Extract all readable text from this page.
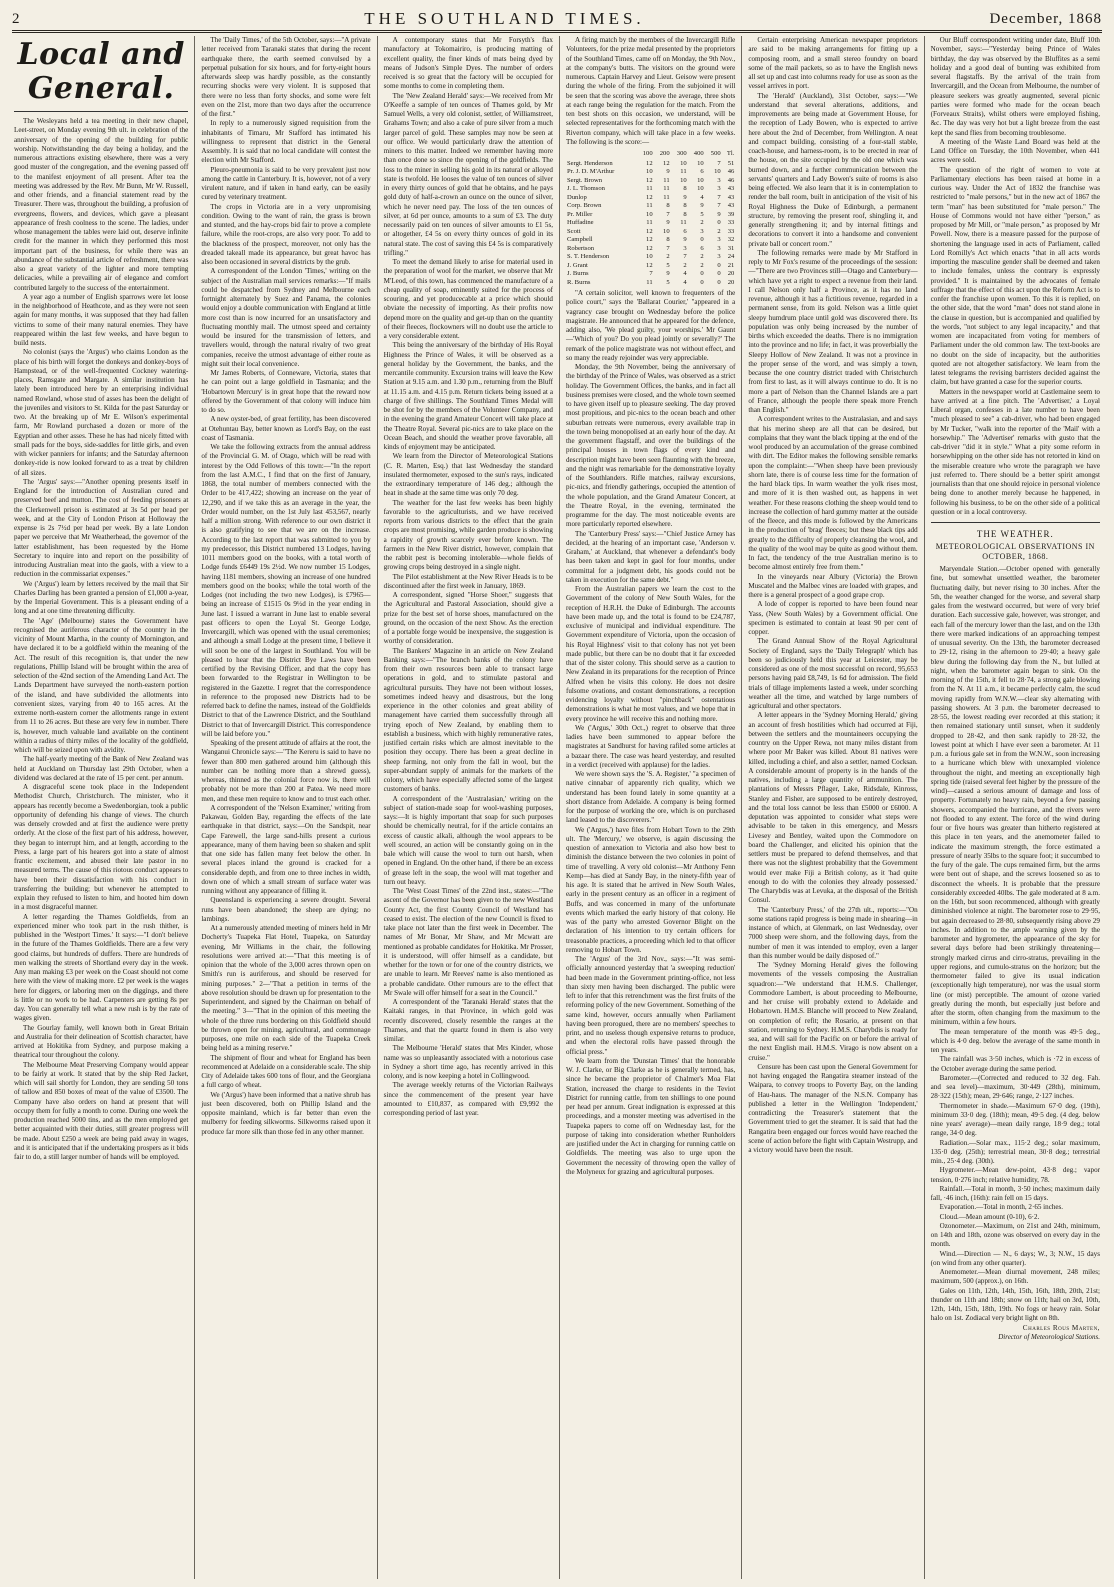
2	THE SOUTHLAND TIMES.	December, 1868
Local and General.

The Wesleyans held a tea meeting in their new chapel, Leet-street, on Monday evening 9th ult. in celebration of the anniversary of the opening of the building for public worship. Notwithstanding the day being a holiday, and the numerous attractions existing elsewhere, there was a very good muster of the congregation, and the evening passed off to the manifest enjoyment of all present. After tea the meeting was addressed by the Rev. Mr Bunn, Mr W. Russell, and other friends, and a financial statement read by the Treasurer. There was, throughout the building, a profusion of evergreens, flowers, and devices, which gave a pleasant appearance of fresh coolness to the scene. The ladies, under whose management the tables were laid out, deserve infinite credit for the manner in which they performed this most important part of the business, for while there was an abundance of the substantial article of refreshment, there was also a great variety of the lighter and more tempting delicacies, while a prevailing air of elegance and comfort contributed largely to the success of the entertainment.

A year ago a number of English sparrows were let loose in the neighborhood of Heathcote, and as they were not seen again for many months, it was supposed that they had fallen victims to some of their many natural enemies. They have reappeared within the last few weeks, and have begun to build nests.

No colonist (says the 'Argus') who claims London as the place of his birth will forget the donkeys and donkey-boys of Hampstead, or of the well-frequented Cockney watering-places, Ramsgate and Margate. A similar institution has lately been introduced here by an enterprising individual named Rowland, whose stud of asses has been the delight of the juveniles and visitors to St. Kilda for the past Saturday or two. At the breaking up of Mr E. Wilson's experimental farm, Mr Rowland purchased a dozen or more of the Egyptian and other asses. These he has had nicely fitted with small pads for the boys, side-saddles for little girls, and even with wicker panniers for infants; and the Saturday afternoon donkey-ride is now looked forward to as a treat by children of all sizes.

The 'Argus' says:—"Another opening presents itself in England for the introduction of Australian cured and preserved beef and mutton. The cost of feeding prisoners at the Clerkenwell prison is estimated at 3s 5d per head per week, and at the City of London Prison at Holloway the expense is 2s 7½d per head per week. By a late London paper we perceive that Mr Weatherhead, the governor of the latter establishment, has been requested by the Home Secretary to inquire into and report on the possibility of introducing Australian meat into the gaols, with a view to a reduction in the commissariat expenses."

We ('Argus') learn by letters received by the mail that Sir Charles Darling has been granted a pension of £1,000 a-year, by the Imperial Government. This is a pleasant ending of a long and at one time threatening difficulty.

The 'Age' (Melbourne) states the Government have recognised the auriferous character of the country in the vicinity of Mount Martha, in the county of Mornington, and have declared it to be a goldfield within the meaning of the Act. The result of this recognition is, that under the new regulations, Phillip Island will be brought within the area of selection of the 42nd section of the Amending Land Act. The Lands Department have surveyed the north-eastern portion of the island, and have subdivided the allotments into convenient sizes, varying from 40 to 165 acres. At the extreme north-eastern corner the allotments range in extent from 11 to 26 acres. But these are very few in number. There is, however, much valuable land available on the continent within a radius of thirty miles of the locality of the goldfield, which will be seized upon with avidity.

The half-yearly meeting of the Bank of New Zealand was held at Auckland on Thursday last 29th October, when a dividend was declared at the rate of 15 per cent. per annum.

A disgraceful scene took place in the Independent Methodist Church, Christchurch. The minister, who it appears has recently become a Swedenborgian, took a public opportunity of defending his change of views. The church was densely crowded and at first the audience were pretty orderly. At the close of the first part of his address, however, they began to interrupt him, and at length, according to the Press, a large part of his hearers got into a state of almost frantic excitement, and abused their late pastor in no measured terms. The cause of this riotous conduct appears to have been their dissatisfaction with his conduct in transferring the building; but whenever he attempted to explain they refused to listen to him, and hooted him down in a most disgraceful manner.

A letter regarding the Thames Goldfields, from an experienced miner who took part in the rush thither, is published in the 'Westport Times.' It says:—"I don't believe in the future of the Thames Goldfields. There are a few very good claims, but hundreds of duffers. There are hundreds of men walking the streets of Shortland every day in the week. Any man making £3 per week on the Coast should not come here with the view of making more. £2 per week is the wages here for diggers, or laboring men on the diggings, and there is little or no work to be had. Carpenters are getting 8s per day. You can generally tell what a new rush is by the rate of wages given.

The Gourlay family, well known both in Great Britain and Australia for their delineation of Scottish character, have arrived at Hokitika from Sydney, and purpose making a theatrical tour throughout the colony.

The Melbourne Meat Preserving Company would appear to be fairly at work. It stated that by the ship Red Jacket, which will sail shortly for London, they are sending 50 tons of tallow and 850 boxes of meat of the value of £3500. The Company have also orders on hand at present that will occupy them for fully a month to come. During one week the production reached 5000 tins, and as the men employed get better acquainted with their duties, still greater progress will be made. About £250 a week are being paid away in wages, and it is anticipated that if the undertaking prospers as it bids fair to do, a still larger number of hands will be employed.

The 'Daily Times,' of the 5th October, says:—"A private letter received from Taranaki states that during the recent earthquake there, the earth seemed convulsed by a perpetual pulsation for six hours, and for forty-eight hours afterwards sleep was hardly possible, as the constantly recurring shocks were very violent. It is supposed that there were no less than forty shocks, and some were felt even on the 21st, more than two days after the occurrence of the first."

In reply to a numerously signed requisition from the inhabitants of Timaru, Mr Stafford has intimated his willingness to represent that district in the General Assembly. It is said that no local candidate will contest the election with Mr Stafford.

Pleuro-pneumonia is said to be very prevalent just now among the cattle in Canterbury. It is, however, not of a very virulent nature, and if taken in hand early, can be easily cured by veterinary treatment.

The crops in Victoria are in a very unpromising condition. Owing to the want of rain, the grass is brown and stunted, and the hay-crops bid fair to prove a complete failure, while the root-crops, are also very poor. To add to the blackness of the prospect, moreover, not only has the dreaded takeall made its appearance, but great havoc has also been occasioned in several districts by the grub.

A correspondent of the London 'Times,' writing on the subject of the Australian mail services remarks:—"If mails could be despatched from Sydney and Melbourne each fortnight alternately by Suez and Panama, the colonies would enjoy a double communication with England at little more cost than is now incurred for an unsatisfactory and fluctuating monthly mail. The utmost speed and certainty would be insured for the transmission of letters, and travellers would, through the natural rivalry of two great companies, receive the utmost advantage of either route as might suit their local convenience.

Mr James Roberts, of Conneware, Victoria, states that he can point out a large goldfield in Tasmania; and the 'Hobartown Mercury' is in great hope that the reward now offered by the Government of that colony will induce him to do so.

A new oyster-bed, of great fertility, has been discovered at Otehuntau Bay, better known as Lord's Bay, on the east coast of Tasmania.

We take the following extracts from the annual address of the Provincial G. M. of Otago, which will be read with interest by the Odd Fellows of this town:—"In the report from the last A.M.C., I find that on the first of January, 1868, the total number of members connected with the Order to be 417,422; showing an increase on the year of 12,290, and if we take this as an average in the year, the Order would number, on the 1st July last 453,567, nearly half a million strong. With reference to our own district it is also gratifying to see that we are on the increase. According to the last report that was submitted to you by my predecessor, this District numbered 13 Lodges, having 1011 members good on the books, with a total worth of Lodge funds £6449 19s 2½d. We now number 15 Lodges, having 1181 members, showing an increase of one hundred members good on the books; while the total worth of the Lodges (not including the two new Lodges), is £7965—being an increase of £1515 0s 9½d in the year ending in June last. I issued a warrant in June last to enable several past officers to open the Loyal St. George Lodge, Invercargill, which was opened with the usual ceremonies; and although a small Lodge at the present time, I believe it will soon be one of the largest in Southland. You will be pleased to hear that the District Bye Laws have been certified by the Revising Officer, and that the copy has been forwarded to the Registrar in Wellington to be registered in the Gazette. I regret that the correspondence in reference to the proposed new Districts had to be referred back to define the names, instead of the Goldfields District to that of the Lawrence District, and the Southland District to that of Invercargill District. This correspondence will be laid before you."

Speaking of the present attitude of affairs at the root, the Wanganui Chronicle says:—"The Kereru is said to have no fewer than 800 men gathered around him (although this number can be nothing more than a shrewd guess), whereas, thinned as the colonial force now is, there will probably not be more than 200 at Patea. We need more men, and these men require to know and to trust each other.

A correspondent of the 'Nelson Examiner,' writing from Pakawau, Golden Bay, regarding the effects of the late earthquake in that district, says:—On the Sandspit, near Cape Farewell, the large sand-hills present a curious appearance, many of them having been so shaken and split that one side has fallen many feet below the other. In several places inland the ground is cracked for a considerable depth, and from one to three inches in width, down one of which a small stream of surface water was running without any appearance of filling it.

Queensland is experiencing a severe drought. Several runs have been abandoned; the sheep are dying; no lambings.

At a numerously attended meeting of miners held in Mr Docherty's Tuapeka Flat Hotel, Tuapeka, on Saturday evening, Mr Williams in the chair, the following resolutions were arrived at:—"That this meeting is of opinion that the whole of the 3,000 acres thrown open on Smith's run is auriferous, and should be reserved for mining purposes." 2—"That a petition in terms of the above resolution should be drawn up for presentation to the Superintendent, and signed by the Chairman on behalf of the meeting." 3—"That in the opinion of this meeting the whole of the three runs bordering on this Goldfield should be thrown open for mining, agricultural, and commonage purposes, one mile on each side of the Tuapeka Creek being held as a mining reserve."

The shipment of flour and wheat for England has been recommenced at Adelaide on a considerable scale. The ship City of Adelaide takes 600 tons of flour, and the Georgiana a full cargo of wheat.

We ('Argus') have been informed that a native shrub has just been discovered, both on Phillip Island and the opposite mainland, which is far better than even the mulberry for feeding silkworms. Silkworms raised upon it produce far more silk than those fed in any other manner.

A contemporary states that Mr Forsyth's flax manufactory at Tokomairiro, is producing matting of excellent quality, the finer kinds of mats being dyed by means of Judson's Simple Dyes. The number of orders received is so great that the factory will be occupied for some months to come in completing them.

The 'New Zealand Herald' says:—We received from Mr O'Keeffe a sample of ten ounces of Thames gold, by Mr Samuel Wells, a very old colonist, settler, of Williamstreet, Grahams Town; and also a cake of pure silver from a much larger parcel of gold. These samples may now be seen at our office. We would particularly draw the attention of miners to this matter. Indeed we remember having more than once done so since the opening of the goldfields. The loss to the miner in selling his gold in its natural or alloyed state is twofold. He looses the value of ten ounces of silver in every thirty ounces of gold that he obtains, and he pays gold duty of half-a-crown an ounce on the ounce of silver, which he never need pay. The loss of the ten ounces of silver, at 6d per ounce, amounts to a sum of £3. The duty necessarily paid on ten ounces of silver amounts to £1 5s, or altogether, £4 5s on every thirty ounces of gold in its natural state. The cost of saving this £4 5s is comparatively trifling."

To meet the demand likely to arise for material used in the preparation of wool for the market, we observe that Mr M'Leod, of this town, has commenced the manufacture of a cheap quality of soap, eminently suited for the process of scouring, and yet producecable at a price which should obviate the necessity of importing. As their profits now depend more on the quality and get-up than on the quantity of their fleeces, flockowners will no doubt use the article to a very considerable extent.

This being the anniversary of the birthday of His Royal Highness the Prince of Wales, it will be observed as a general holiday by the Government, the banks, and the mercantile community. Excursion trains will leave the Kew Station at 9.15 a.m. and 1.30 p.m., returning from the Bluff at 11.15 a.m. and 4.15 p.m. Return tickets being issued at a charge of five shillings. The Southland Times Medal will be shot for by the members of the Volunteer Company, and in the evening the grand Amateur Concert will take place at the Theatre Royal. Several pic-nics are to take place on the Ocean Beach, and should the weather prove favorable, all kinds of enjoyment may be anticipated.

We learn from the Director of Meteorological Stations (C. R. Marten, Esq.) that last Wednesday the standard insulated thermometer, exposed to the sun's rays, indicated the extraordinary temperature of 146 deg.; although the heat in shade at the same time was only 70 deg.

The weather for the last few weeks has been highly favorable to the agriculturists, and we have received reports from various districts to the effect that the grain crops are most promising, while garden produce is showing a rapidity of growth scarcely ever before known. The farmers in the New River district, however, complain that the rabbit pest is becoming intolerable—whole fields of growing crops being destroyed in a single night.

The Pilot establishment at the New River Heads is to be discontinued after the first week in January, 1869.

A correspondent, signed "Horse Shoer," suggests that the Agricultural and Pastoral Association, should give a prize for the best set of horse shoes, manufactured on the ground, on the occasion of the next Show. As the erection of a portable forge would be inexpensive, the suggestion is worthy of consideration.

The Bankers' Magazine in an article on New Zealand Banking says:—"The branch banks of the colony have from their own resources been able to transact large operations in gold, and to stimulate pastoral and agricultural pursuits. They have not been without losses, sometimes indeed heavy and disastrous, but the long experience in the other colonies and great ability of management have carried them successfully through all trying epoch of New Zealand, by enabling them to establish a business, which with highly remunerative rates, justified certain risks which are almost inevitable to the position they occupy. There has been a great decline in sheep farming, not only from the fall in wool, but the super-abundant supply of animals for the markets of the colony, which have especially affected some of the largest customers of banks.

A correspondent of the 'Australasian,' writing on the subject of station-made soap for wool-washing purposes, says:—It is highly important that soap for such purposes should be chemically neutral, for if the article contains an excess of caustic alkali, although the wool appears to be well scoured, an action will be constantly going on in the bale which will cause the wool to turn out harsh, when opened in England. On the other hand, if there be an excess of grease left in the soap, the wool will mat together and turn out heavy.

The 'West Coast Times' of the 22nd inst., states:—"The ascent of the Governor has been given to the new Westland County Act, the first County Council of Westland has ceased to exist. The election of the new Council is fixed to take place not later than the first week in December. The names of Mr Bonar, Mr Shaw, and Mr Mcwatt are mentioned as probable candidates for Hokitika. Mr Prosser, it is understood, will offer himself as a candidate, but whether for the town or for one of the country districts, we are unable to learn. Mr Reeves' name is also mentioned as a probable candidate. Other rumours are to the effect that Mr Swale will offer himself for a seat in the Council."

A correspondent of the 'Taranaki Herald' states that the Kaitaki ranges, in that Province, in which gold was recently discovered, closely resemble the ranges at the Thames, and that the quartz found in them is also very similar.

The Melbourne 'Herald' states that Mrs Kinder, whose name was so unpleasantly associated with a notorious case in Sydney a short time ago, has recently arrived in this colony, and is now keeping a hotel in Collingwood.

The average weekly returns of the Victorian Railways since the commencement of the present year have amounted to £10,837, as compared with £9,992 the corresponding period of last year.

A firing match by the members of the Invercargill Rifle Volunteers, for the prize medal presented by the proprietors of the Southland Times, came off on Monday, the 9th Nov., at the company's butts. The visitors on the ground were numerous. Captain Harvey and Lieut. Geisow were present during the whole of the firing. From the subjoined it will be seen that the scoring was above the average, three shots at each range being the regulation for the match. From the ten best shots on this occasion, we understand, will be selected representatives for the forthcoming match with the Riverton company, which will take place in a few weeks. The following is the score:—

	100	200	300	400	500	Tl.
Sergt. Henderson	12	12	10	10	7	51
Pr. J. D. M'Arthur	10	9	11	6	10	46
Sergt. Brown	12	11	10	10	3	46
J. L. Thomson	11	11	8	10	3	43
Dunlop	12	11	9	4	7	43
Corp. Brown	11	8	8	9	7	43
Pr. Miller	10	7	8	5	9	39
Huffadine	11	9	11	2	0	33
Scott	12	10	6	3	2	33
Campbell	12	8	9	0	3	32
Robertson	12	7	3	6	3	31
S. T. Henderson	10	2	7	2	3	24
J. Grant	12	5	2	2	0	21
J. Burns	7	9	4	0	0	20
R. Burns	11	5	4	0	0	20

"A certain solicitor, well known to frequenters of the police court," says the 'Ballarat Courier,' "appeared in a vagrancy case brought on Wednesday before the police magistrate. He announced that he appeared for the defence, adding also, 'We plead guilty, your worships.' Mr Gaunt—'Which of you? Do you plead jointly or severally?' The remark of the police magistrate was not without effect, and so many the ready rejoinder was very appreciable.

Monday, the 9th November, being the anniversary of the birthday of the Prince of Wales, was observed as a strict holiday. The Government Offices, the banks, and in fact all business premises were closed, and the whole town seemed to have given itself up to pleasure seeking. The day proved most propitious, and pic-nics to the ocean beach and other suburban retreats were numerous, every available trap in the town being monopolised at an early hour of the day. At the government flagstaff, and over the buildings of the principal houses in town flags of every kind and description might have been seen flaunting with the breeze, and the night was remarkable for the demonstrative loyalty of the Southlanders. Rifle matches, railway excursions, pic-nics, and friendly gatherings, occupied the attention of the whole population, and the Grand Amateur Concert, at the Theatre Royal, in the evening, terminated the programme for the day. The most noticeable events are more particularly reported elsewhere.

The 'Canterbury Press' says:—"Chief Justice Arney has decided, at the hearing of an important case, 'Anderson v. Graham,' at Auckland, that whenever a defendant's body has been taken and kept in gaol for four months, under committal for a judgment debt, his goods could not be taken in execution for the same debt."

From the Australian papers we learn the cost to the Government of the colony of New South Wales, for the reception of H.R.H. the Duke of Edinburgh. The accounts have been made up, and the total is found to be £24,787, exclusive of municipal and individual expenditure. The Government expenditure of Victoria, upon the occasion of his Royal Highness' visit to that colony has not yet been made public, but there can be no doubt that it far exceeded that of the sister colony. This should serve as a caution to New Zealand in its preparations for the reception of Prince Alfred when he visits this colony. He does not desire fulsome ovations, and costant demonstrations, a reception evidencing loyalty without "pinchback" ostentatious demonstrations is what he most values, and we hope that in every province he will receive this and nothing more.

We ('Argus,' 30th Oct.,) regret to observe that three ladies have been summoned to appear before the magistrates at Sandhurst for having rafiled some articles at a bazaar there. The case was heard yesterday, and resulted in a verdict (received with applause) for the ladies.

We were shown says the 'S. A. Register,' "a specimen of native cinnabar of apparently rich quality, which we understand has been found lately in some quantity at a short distance from Adelaide. A company is being formed for the purpose of working the ore, which is on purchased land leased to the discoverers."

We ('Argus,') have files from Hobart Town to the 29th ult. The 'Mercury,' we observe, is again discussing the question of annexation to Victoria and also how best to diminish the distance between the two colonies in point of time of travelling. A very old colonist—Mr Anthony Fenn Kemp—has died at Sandy Bay, in the ninety-fifth year of his age. It is stated that he arrived in New South Wales, early in the present century as an officer in a regiment of Buffs, and was concerned in many of the unfortunate events which marked the early history of that colony. He was of the party who arrested Governor Blight on the declaration of his intention to try certain officers for treasonable practices, a proceeding which led to that officer removing to Hobart Town.

The 'Argus' of the 3rd Nov., says:—"It was semi-officially announced yesterday that 'a sweeping reduction' had been made in the Government printing-office, not less than sixty men having been discharged. The public were left to infer that this retrenchment was the first fruits of the reforming policy of the new Government. Something of the same kind, however, occurs annually when Parliament having been prorogued, there are no members' speeches to print, and no useless though expensive returns to produce, and when the electoral rolls have passed through the official press."

We learn from the 'Dunstan Times' that the honorable W. J. Clarke, or Big Clarke as he is generally termed, has, since he became the proprietor of Chalmer's Moa Flat Station, increased the charge to residents in the Teviot District for running cattle, from ten shillings to one pound per head per annum. Great indignation is expressed at this proceedings, and a monster meeting was advertised in the Tuapeka papers to come off on Wednesday last, for the purpose of taking into consideration whether Runholders are justified under the Act in charging for running cattle on Goldfields. The meeting was also to urge upon the Government the necessity of throwing open the valley of the Molyneux for grazing and agricultural purposes.

Certain enterprising American newspaper proprietors are said to be making arrangements for fitting up a composing room, and a small stereo foundry on board some of the mail packets, so as to have the English news all set up and cast into columns ready for use as soon as the vessel arrives in port.

The 'Herald' (Auckland), 31st October, says:—"We understand that several alterations, additions, and improvements are being made at Government House, for the reception of Lady Bowen, who is expected to arrive here about the 2nd of December, from Wellington. A neat and compact building, consisting of a four-stall stable, coach-house, and harness-room, is to be erected in rear of the house, on the site occupied by the old one which was burned down, and a further communication between the servants' quarters and Lady Bowen's suite of rooms is also being effected. We also learn that it is in contemplation to render the ball room, built in anticipation of the visit of his Royal Highness the Duke of Edinburgh, a permanent structure, by removing the present roof, shingling it, and generally strengthening it; and by internal fittings and decorations to convert it into a handsome and convenient private ball or concert room."

The following remarks were made by Mr Stafford in reply to Mr Fox's resume of the proceedings of the session:—"There are two Provinces still—Otago and Canterbury—which have yet a right to expect a revenue from their land. I call Nelson only half a Province, as it has no land revenue, although it has a fictitious revenue, regarded in a permanent sense, from its gold. Nelson was a little quiet sleepy humdrum place until gold was discovered there. Its population was only being increased by the number of births which exceeded the deaths. There is no immigration into the province and no life; in fact, it was proverbially the Sleepy Hollow of New Zealand. It was not a province in the proper sense of the word, and was simply a town, because the one country district traded with Christchurch from first to last, as it will always continue to do. It is no more a part of Nelson than the Channel Islands are a part of France, although the people there speak more French than English."

A correspondent writes to the Australasian, and and says that his merino sheep are all that can be desired, but complains that they want the black tipping at the end of the wool produced by an accumulation of the grease combined with dirt. The Editor makes the following sensible remarks upon the complaint:—"When sheep have been previously shorn late, there is of course less time for the formation of the hard black tips. In warm weather the yolk rises most, and more of it is then washed out, as happens in wet weather. For these reasons clothing the sheep would tend to increase the collection of hard gummy matter at the outside of the fleece, and this mode is followed by the Americans in the production of 'brag' fleeces; but these black tips add greatly to the difficulty of properly cleansing the wool, and the quality of the wool may be quite as good without them. In fact, the tendency of the true Australian merino is to become almost entirely free from them."

In the vineyards near Albury (Victoria) the Brown Muscatel and the Malbec vines are loaded with grapes, and there is a general prospect of a good grape crop.

A lode of copper is reported to have been found near Yass, (New South Wales) by a Government official. One specimen is estimated to contain at least 90 per cent of copper.

The Grand Annual Show of the Royal Agricultural Society of England, says the 'Daily Telegraph' which has been so judiciously held this year at Leicester, may be considered as one of the most successful on record, 95,653 persons having paid £8,749, 1s 6d for admission. The field trials of tillage implements lasted a week, under scorching weather all the time, and watched by large numbers of agricultural and other spectators.

A letter appears in the 'Sydney Morning Herald,' giving an account of fresh hostilities which had occurred at Fiji, between the settlers and the mountaineers occupying the country on the Upper Rewa, not many miles distant from where poor Mr Baker was killed. About 81 natives were killed, including a chief, and also a settler, named Cocksan. A considerable amount of property is in the hands of the natives, including a large quantity of ammunition. The plantations of Messrs Pflager, Lake, Ridsdale, Kinross, Stanley and Fisher, are supposed to be entirely destroyed, and the total loss cannot be less than £5000 or £6000. A deputation was appointed to consider what steps were advisable to be taken in this emergency, and Messrs Livesey and Bentley, waited upon the Commodore on board the Challenger, and elicited his opinion that the settlers must be prepared to defend themselves, and that there was not the slightest probability that the Government would ever make Fiji a British colony, as it 'had quite enough to do with the colonies they already possessed.' The Charybdis was at Levuka, at the disposal of the British Consul.

The 'Canterbury Press,' of the 27th ult., reports:—"On some stations rapid progress is being made in shearing—in instance of which, at Glenmark, on last Wednesday, over 7000 sheep were shorn, and the following days, from the number of men it was intended to employ, even a larger than this number would be daily disposed of."

The 'Sydney Morning Herald' gives the following movements of the vessels composing the Australian squadron:—"We understand that H.M.S. Challenger, Commodore Lambert, is about proceeding to Melbourne, and her cruise will probably extend to Adelaide and Hobartown. H.M.S. Blanche will proceed to New Zealand, on completion of refit; the Rosario, at present on that station, returning to Sydney. H.M.S. Charybdis is ready for sea, and will sail for the Pacific on or before the arrival of the next English mail. H.M.S. Virago is now absent on a cruise."

Censure has been cast upon the General Government for not having engaged the Rangatira steamer instead of the Waipara, to convey troops to Poverty Bay, on the landing of Hau-haus. The manager of the N.S.N. Company has published a letter in the Wellington 'Independent,' contradicting the Treasurer's statement that the Government tried to get the steamer. It is said that had the Rangatira been engaged our forces would have reached the scene of action before the fight with Captain Westrupp, and a victory would have been the result.

Our Bluff correspondent writing under date, Bluff 10th November, says:—"Yesterday being Prince of Wales birthday, the day was observed by the Bluffites as a semi holiday and a good deal of bunting was exhibited from several flagstaffs. By the arrival of the train from Invercargill, and the Ocean from Melbourne, the number of pleasure seekers was greatly augmented, several picnic parties were formed who made for the ocean beach (Forveaux Straits), whilst others were employed fishing, &c. The day was very hot but a light breeze from the east kept the sand flies from becoming troublesome.

A meeting of the Waste Land Board was held at the Land Office on Tuesday, the 10th November, when 441 acres were sold.

The question of the right of women to vote at Parliamentary elections has been raised at home in a curious way. Under the Act of 1832 the franchise was restricted to "male persons," but in the new act of 1867 the term "man" has been substituted for "male person." The House of Commons would not have either "person," as proposed by Mr Mill, or "male person," as proposed by Mr Powell. Now, there is a measure passed for the purpose of shortening the language used in acts of Parliament, called Lord Romilly's Act which enacts "that in all acts words importing the masculine gender shall be deemed and taken to include females, unless the contrary is expressly provided." It is maintained by the advocates of female suffrage that the effect of this act upon the Reform Act is to confer the franchise upon women. To this it is replied, on the other side, that the word "man" does not stand alone in the clause in question, but is accompanied and qualified by the words, "not subject to any legal incapacity," and that women are incapacitated from voting for members of Parliament under the old common law. The text-books are no doubt on the side of incapacity, but the authorities quoted are not altogether satisfactory. We learn from the latest telegrams the revising barristers decided against the claim, but have granted a case for the superior courts.

Matters in the newspaper world at Castlemaine seem to have arrived at a fine pitch. The 'Advertiser,' a Loyal Liberal organ, confesses in a late number to have been "much pleased to see" a cab-driver, who had been engaged by Mr Tucker, "walk into the reporter of the 'Mail' with a horsewhip." The 'Advertiser' remarks with gusto that the cab-driver "did it in style." What a pity some reform in horsewhipping on the other side has not retorted in kind on the miserable creature who wrote the paragraph we have just referred to. There should be a better spirit amongst journalists than that one should rejoice in personal violence being done to another merely because he happened, in following his business, to be on the other side of a political question or in a local controversy.

THE WEATHER.
METEOROLOGICAL OBSERVATIONS IN OCTOBER, 1868.

Maryendale Station.—October opened with generally fine, but somewhat unsettled weather, the barometer fluctuating daily, but never rising to 30 inches. After the 5th, the weather changed for the worse, and several sharp gales from the westward occurred, but were of very brief duration. Each successive gale, however, was stronger, and each fall of the mercury lower than the last, and on the 13th there were marked indications of an approaching tempest of unusual severity. On the 13th, the barometer decreased to 29·12, rising in the afternoon to 29·40; a heavy gale blew during the following day from the N., but lulled at night, when the barometer again began to sink. On the morning of the 15th, it fell to 28·74, a strong gale blowing from the N. At 11 a.m., it became perfectly calm, the scud moving rapidly from W.N.W.—clear sky alternating with passing showers. At 3 p.m. the barometer decreased to 28·55, the lowest reading ever recorded at this station; it then remained stationary until sunset, when it suddenly dropped to 28·42, and then sank rapidly to 28·32, the lowest point at which I have ever seen a barometer. At 11 p.m. a furious gale set in from the W.N.W., soon increasing to a hurricane which blew with unexampled violence throughout the night, and meeting an exceptionally high spring tide (raised several feet higher by the pressure of the wind)—caused a serious amount of damage and loss of property. Fortunately no heavy rain, beyond a few passing showers, accompanied the hurricane, and the rivers were not flooded to any extent. The force of the wind during four or five hours was greater than hitherto registered at this place in ten years, and the anemometer failed to indicate the maximum strength, the force estimated a pressure of nearly 35lbs to the square foot; it succumbed to the fury of the gale. The cups remained firm, but the arms were bent out of shape, and the screws loosened so as to disconnect the wheels. It is probable that the pressure considerably exceeded 40lbs. The gale moderated at 8 a.m. on the 16th, but soon recommenced, although with greatly diminished violence at night. The barometer rose to 29·95, but again decreased to 28·80, subsequently rising above 29 inches. In addition to the ample warning given by the barometer and hygrometer, the appearance of the sky for several days before had been strikingly threatening—strongly marked cirrus and cirro-stratus, prevailing in the upper regions, and cumulo-stratus on the horizon; but the thermometer failed to give its usual indication (exceptionally high temperature), nor was the usual storm line (or mist) perceptible. The amount of ozone varied greatly during the month, but especially just before and after the storm, often changing from the maximum to the minimum, within a few hours.

The mean temperature of the month was 49·5 deg., which is 4·0 deg. below the average of the same month in ten years.

The rainfall was 3·50 inches, which is ·72 in excess of the October average during the same period.

Barometer.—(Corrected and reduced to 32 deg. Fah. and sea level)—maximum, 30·449 (28th), minimum, 28·322 (15th); mean, 29·646; range, 2·127 inches.

Thermometer in shade.—Maximum 67·0 deg. (19th), minimum 33·0 deg. (18th); mean, 49·5 deg. (4 deg. below nine years' average)—mean daily range, 18·9 deg.; total range, 34·0 deg.

Radiation.—Solar max., 115·2 deg.; solar maximum, 135·0 deg. (25th); terrestrial mean, 30·8 deg.; terrestrial min., 25·4 deg. (30th).

Hygrometer.—Mean dew-point, 43·8 deg.; vapor tension, 0·276 inch; relative humidity, 78.

Rainfall.—Total in month, 3·50 inches; maximum daily fall, ·46 inch, (16th): rain fell on 15 days.

Evaporation.—Total in month, 2·65 inches.

Cloud.—Mean amount (0-10), 6·2.

Ozonometer.—Maximum, on 21st and 24th, minimum, on 14th and 18th, ozone was observed on every day in the month.

Wind.—Direction — N., 6 days; W., 3; N.W., 15 days (on wind from any other quarter).

Anemometer.—Mean diurnal movement, 248 miles; maximum, 500 (approx.), on 16th.

Gales on 11th, 12th, 14th, 15th, 16th, 18th, 20th, 21st; thunder on 11th and 18th; snow on 11th; hail on 3rd, 10th, 12th, 14th, 15th, 18th, 19th. No fogs or heavy rain. Solar halo on 1st. Zodiacal very bright light on 8th.

Charles Rous Marten,
Director of Meteorological Stations.
